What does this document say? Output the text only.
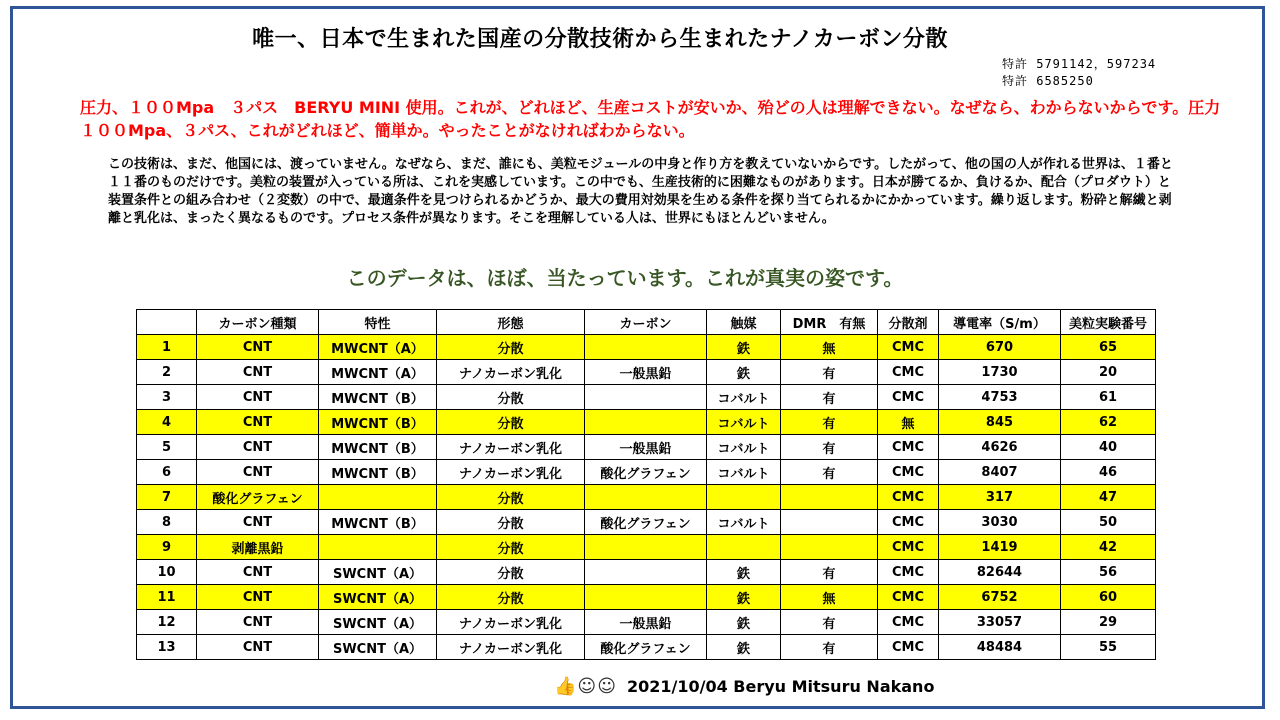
唯一、日本で生まれた国産の分散技術から生まれたナノカーボン分散
特許 5791142，597234
特許 6585250
圧力、１００Mpa　３パス　BERYU MINI 使用。これが、どれほど、生産コストが安いか、殆どの人は理解できない。なぜなら、わからないからです。圧力１００Mpa、３パス、これがどれほど、簡単か。やったことがなければわからない。
この技術は、まだ、他国には、渡っていません。なぜなら、まだ、誰にも、美粒モジュールの中身と作り方を教えていないからです。したがって、他の国の人が作れる世界は、１番と１１番のものだけです。美粒の装置が入っている所は、これを実感しています。この中でも、生産技術的に困難なものがあります。日本が勝てるか、負けるか、配合（プロダウト）と装置条件との組み合わせ（２変数）の中で、最適条件を見つけられるかどうか、最大の費用対効果を生める条件を探り当てられるかにかかっています。繰り返します。粉砕と解繊と剥離と乳化は、まったく異なるものです。プロセス条件が異なります。そこを理解している人は、世界にもほとんどいません。
このデータは、ほぼ、当たっています。これが真実の姿です。
	カーボン種類	特性	形態	カーボン	触媒	DMR　有無	分散剤	導電率（S/m）	美粒実験番号
1	CNT	MWCNT（A）	分散		鉄	無	CMC	670	65
2	CNT	MWCNT（A）	ナノカーボン乳化	一般黒鉛	鉄	有	CMC	1730	20
3	CNT	MWCNT（B）	分散		コバルト	有	CMC	4753	61
4	CNT	MWCNT（B）	分散		コバルト	有	無	845	62
5	CNT	MWCNT（B）	ナノカーボン乳化	一般黒鉛	コバルト	有	CMC	4626	40
6	CNT	MWCNT（B）	ナノカーボン乳化	酸化グラフェン	コバルト	有	CMC	8407	46
7	酸化グラフェン		分散				CMC	317	47
8	CNT	MWCNT（B）	分散	酸化グラフェン	コバルト		CMC	3030	50
9	剥離黒鉛		分散				CMC	1419	42
10	CNT	SWCNT（A）	分散		鉄	有	CMC	82644	56
11	CNT	SWCNT（A）	分散		鉄	無	CMC	6752	60
12	CNT	SWCNT（A）	ナノカーボン乳化	一般黒鉛	鉄	有	CMC	33057	29
13	CNT	SWCNT（A）	ナノカーボン乳化	酸化グラフェン	鉄	有	CMC	48484	55
👍☺☺ 2021/10/04 Beryu Mitsuru Nakano
